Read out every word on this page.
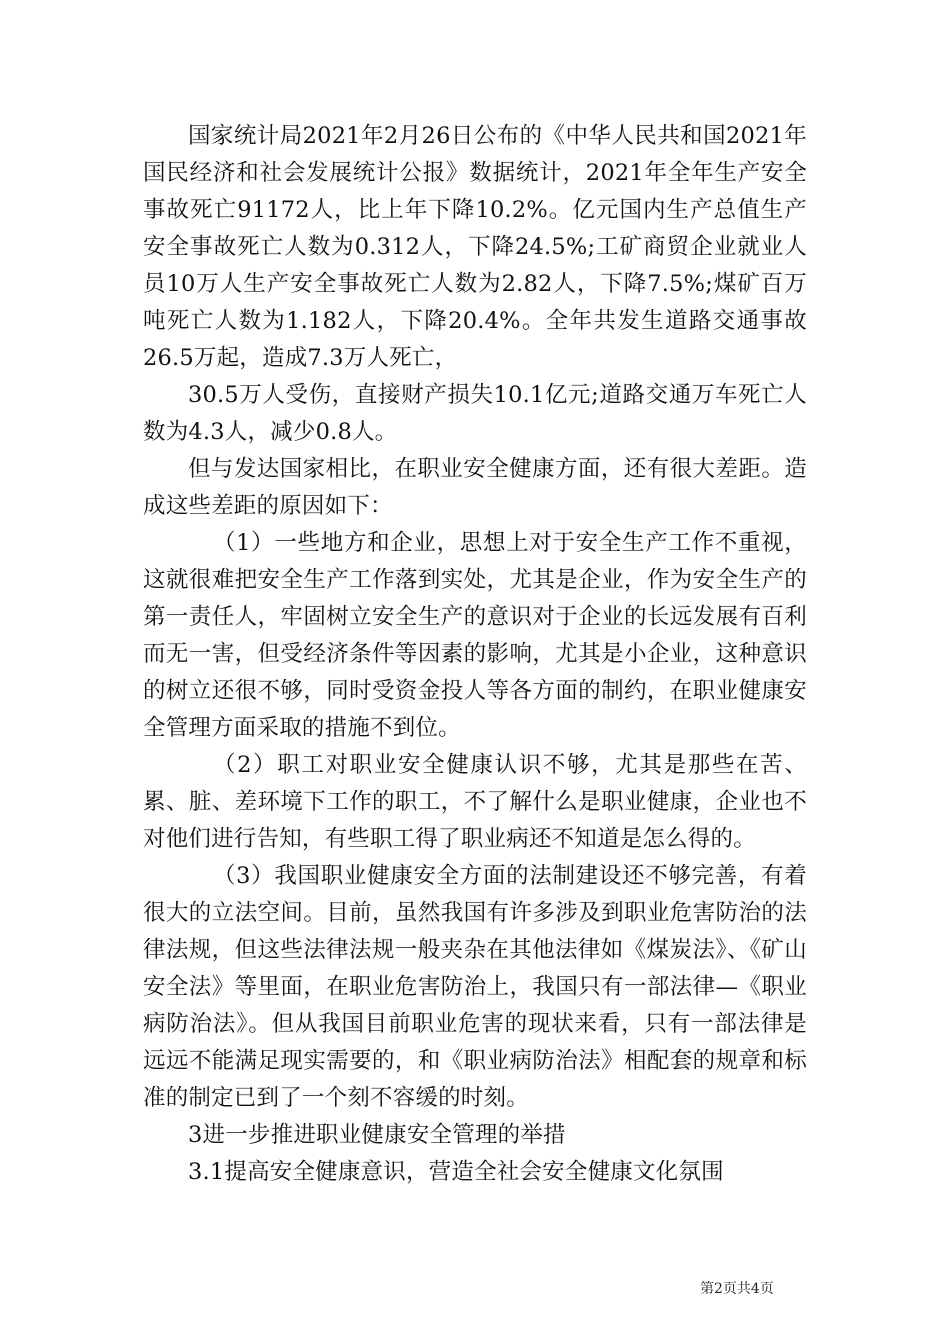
国家统计局2021年2月26日公布的《中华人民共和国2021年国民经济和社会发展统计公报》数据统计，2021年全年生产安全事故死亡91172人，比上年下降10.2%。亿元国内生产总值生产安全事故死亡人数为0.312人，下降24.5%;工矿商贸企业就业人员10万人生产安全事故死亡人数为2.82人，下降7.5%;煤矿百万吨死亡人数为1.182人，下降20.4%。全年共发生道路交通事故26.5万起，造成7.3万人死亡，

30.5万人受伤，直接财产损失10.1亿元;道路交通万车死亡人数为4.3人，减少0.8人。

但与发达国家相比，在职业安全健康方面，还有很大差距。造成这些差距的原因如下：

（1）一些地方和企业，思想上对于安全生产工作不重视，这就很难把安全生产工作落到实处，尤其是企业，作为安全生产的第一责任人，牢固树立安全生产的意识对于企业的长远发展有百利而无一害，但受经济条件等因素的影响，尤其是小企业，这种意识的树立还很不够，同时受资金投人等各方面的制约，在职业健康安全管理方面采取的措施不到位。

（2）职工对职业安全健康认识不够，尤其是那些在苦、累、脏、差环境下工作的职工，不了解什么是职业健康，企业也不对他们进行告知，有些职工得了职业病还不知道是怎么得的。

（3）我国职业健康安全方面的法制建设还不够完善，有着很大的立法空间。目前，虽然我国有许多涉及到职业危害防治的法律法规，但这些法律法规一般夹杂在其他法律如《煤炭法》、《矿山安全法》等里面，在职业危害防治上，我国只有一部法律—《职业病防治法》。但从我国目前职业危害的现状来看，只有一部法律是远远不能满足现实需要的，和《职业病防治法》相配套的规章和标准的制定已到了一个刻不容缓的时刻。

3进一步推进职业健康安全管理的举措

3.1提高安全健康意识，营造全社会安全健康文化氛围

第2页共4页
